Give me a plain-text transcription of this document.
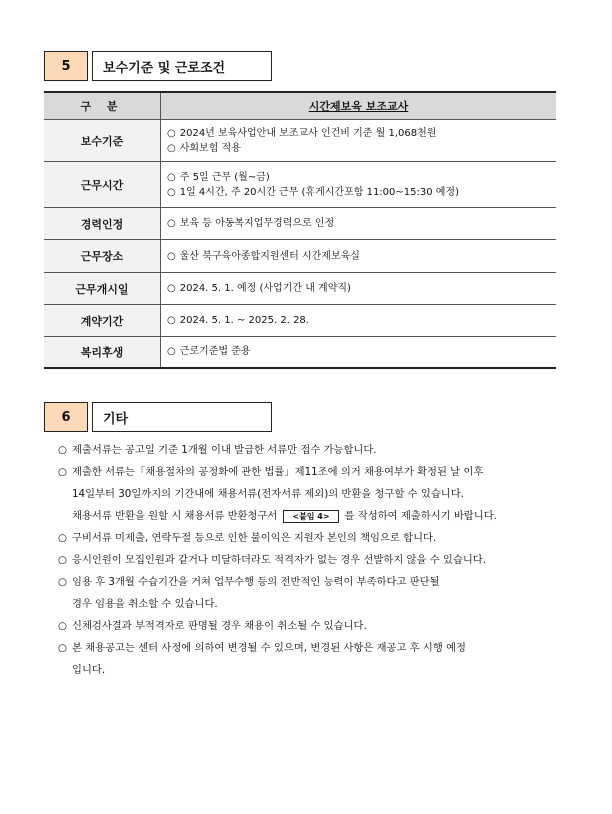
5	보수기준 및 근로조건
구 분	시간제보육 보조교사
보수기준	○ 2024년 보육사업안내 보조교사 인건비 기준 월 1,068천원
○ 사회보험 적용

근무시간	○ 주 5일 근무 (월~금)
○ 1일 4시간, 주 20시간 근무 (휴게시간포함 11:00~15:30 예정)

경력인정	○ 보육 등 아동복지업무경력으로 인정

근무장소	○ 울산 북구육아종합지원센터 시간제보육실

근무개시일	○ 2024. 5. 1. 예정 (사업기간 내 계약직)

계약기간	○ 2024. 5. 1. ~ 2025. 2. 28.

복리후생	○ 근로기준법 준용
6	기타
○ 제출서류는 공고일 기준 1개월 이내 발급한 서류만 접수 가능합니다.
○ 제출한 서류는「채용절차의 공정화에 관한 법률」제11조에 의거 채용여부가 확정된 날 이후
14일부터 30일까지의 기간내에 채용서류(전자서류 제외)의 반환을 청구할 수 있습니다.
채용서류 반환을 원할 시 채용서류 반환청구서 <붙임 4> 를 작성하여 제출하시기 바랍니다.
○ 구비서류 미제출, 연락두절 등으로 인한 불이익은 지원자 본인의 책임으로 합니다.
○ 응시인원이 모집인원과 같거나 미달하더라도 적격자가 없는 경우 선발하지 않을 수 있습니다.
○ 임용 후 3개월 수습기간을 거쳐 업무수행 등의 전반적인 능력이 부족하다고 판단될
경우 임용을 취소할 수 있습니다.
○ 신체검사결과 부적격자로 판명될 경우 채용이 취소될 수 있습니다.
○ 본 채용공고는 센터 사정에 의하여 변경될 수 있으며, 변경된 사항은 재공고 후 시행 예정
입니다.
